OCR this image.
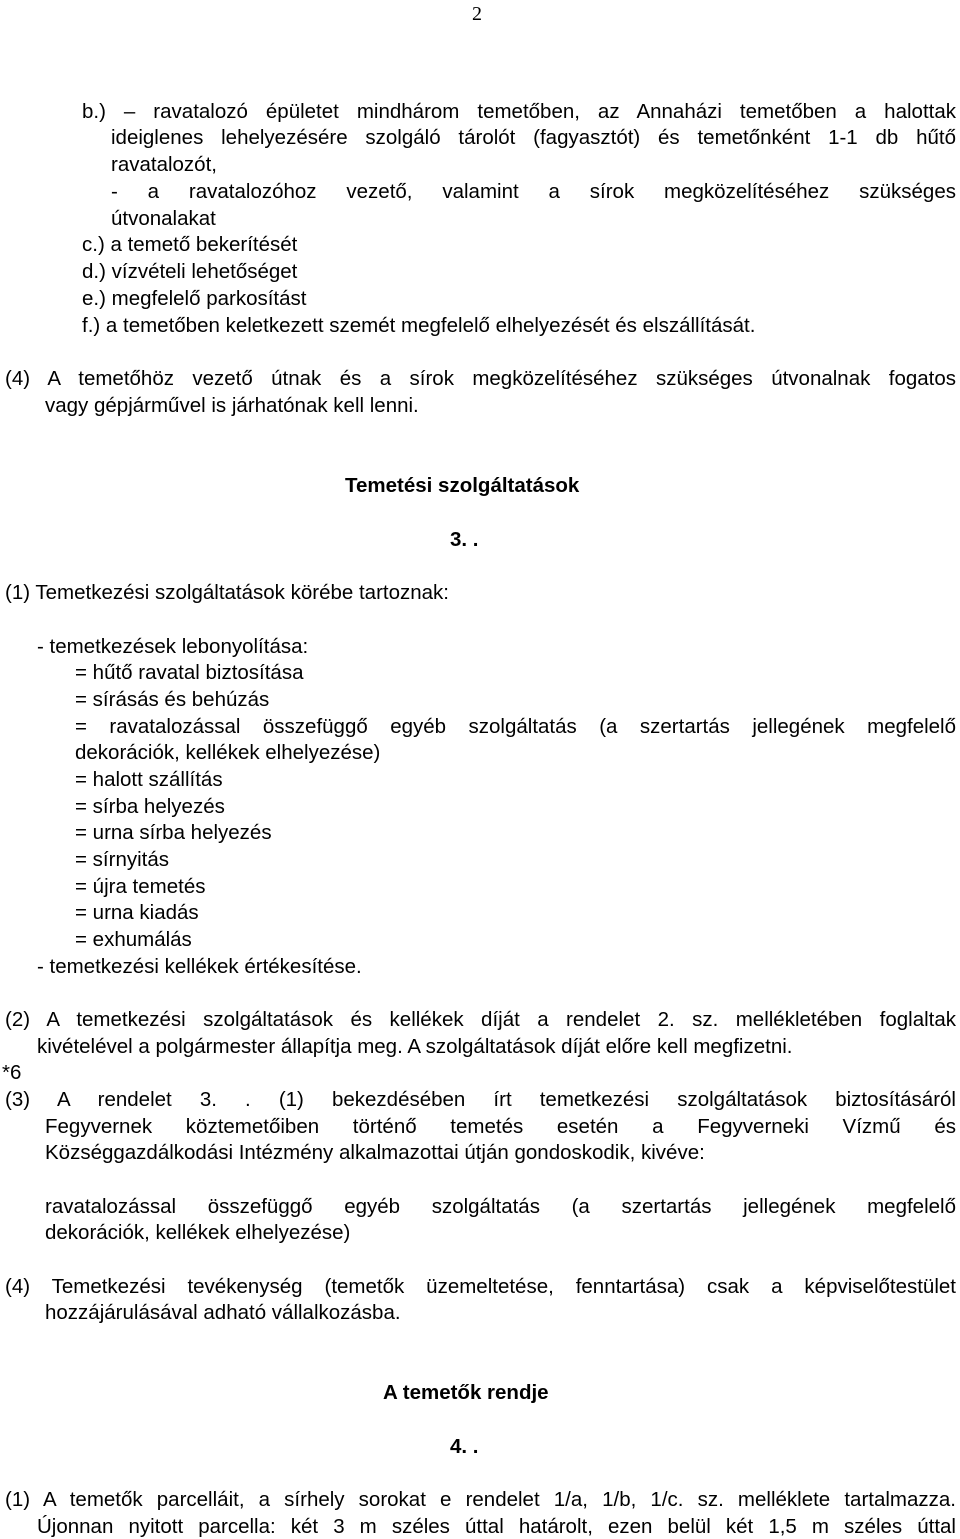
2
b.) – ravatalozó épületet mindhárom temetőben, az Annaházi temetőben a halottak
ideiglenes lehelyezésére szolgáló tárolót (fagyasztót) és temetőnként 1-1 db hűtő
ravatalozót,
- a ravatalozóhoz vezető, valamint a sírok megközelítéséhez szükséges
útvonalakat
c.) a temető bekerítését
d.) vízvételi lehetőséget
e.) megfelelő parkosítást
f.) a temetőben keletkezett szemét megfelelő elhelyezését és elszállítását.
(4) A temetőhöz vezető útnak és a sírok megközelítéséhez szükséges útvonalnak fogatos
vagy gépjárművel is járhatónak kell lenni.
Temetési szolgáltatások
3. .
(1) Temetkezési szolgáltatások körébe tartoznak:
- temetkezések lebonyolítása:
= hűtő ravatal biztosítása
= sírásás és behúzás
= ravatalozással összefüggő egyéb szolgáltatás (a szertartás jellegének megfelelő
dekorációk, kellékek elhelyezése)
= halott szállítás
= sírba helyezés
= urna sírba helyezés
= sírnyitás
= újra temetés
= urna kiadás
= exhumálás
- temetkezési kellékek értékesítése.
(2) A temetkezési szolgáltatások és kellékek díját a rendelet 2. sz. mellékletében foglaltak
kivételével a polgármester állapítja meg. A szolgáltatások díját előre kell megfizetni.
*6
(3) A rendelet 3. . (1) bekezdésében írt temetkezési szolgáltatások biztosításáról
Fegyvernek köztemetőiben történő temetés esetén a Fegyverneki Vízmű és
Községgazdálkodási Intézmény alkalmazottai útján gondoskodik, kivéve:
ravatalozással összefüggő egyéb szolgáltatás (a szertartás jellegének megfelelő
dekorációk, kellékek elhelyezése)
(4) Temetkezési tevékenység (temetők üzemeltetése, fenntartása) csak a képviselőtestület
hozzájárulásával adható vállalkozásba.
A temetők rendje
4. .
(1) A temetők parcelláit, a sírhely sorokat e rendelet 1/a, 1/b, 1/c. sz. melléklete tartalmazza.
Újonnan nyitott parcella: két 3 m széles úttal határolt, ezen belül két 1,5 m széles úttal
